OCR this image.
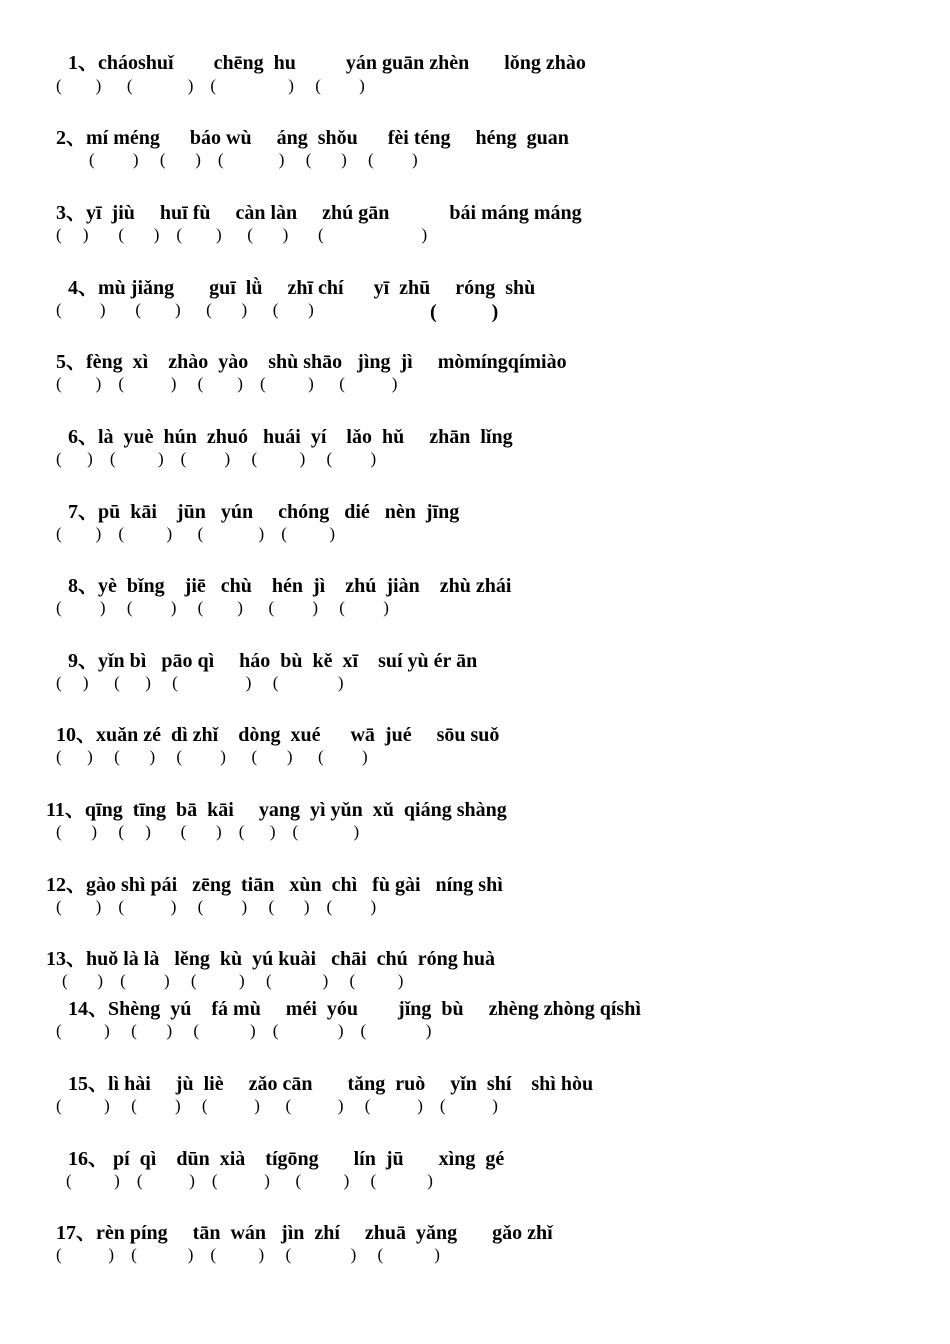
1、cháoshuǐ        chēng  hu          yán guān zhèn       lǒng zhào
(        )      (             )    (                 )     (         )
2、mí méng      báo wù     áng  shǒu      fèi téng     héng  guan
(         )     (       )    (             )     (       )     (         )
3、yī  jiù     huī fù     càn làn     zhú gān            bái máng máng
(     )       (       )    (        )      (       )       (                       )
4、mù jiǎng       guī  lǜ     zhī chí      yī  zhū     róng  shù
(         )       (        )      (       )      (       )	(           )
5、fèng  xì    zhào  yào    shù shāo   jìng  jì     mòmíngqímiào
(        )    (           )     (        )    (          )      (           )
6、là  yuè  hún  zhuó   huái  yí    lǎo  hǔ     zhān  lǐng
(      )    (          )    (         )     (          )     (         )
7、pū  kāi    jūn   yún     chóng   dié   nèn  jīng
(        )    (          )      (             )    (          )
8、yè  bǐng    jiē   chù    hén  jì    zhú  jiàn    zhù zhái
(         )     (         )     (        )      (         )     (         )
9、yǐn bì   pāo qì     háo  bù  kě  xī    suí yù ér ān
(     )      (      )     (                )     (              )
10、xuǎn zé  dì zhǐ    dòng  xué      wā  jué     sōu suǒ
(      )     (       )     (         )      (       )      (         )
11、qīng  tīng  bā  kāi     yang  yì yǔn  xǔ  qiáng shàng
(       )     (     )       (       )    (      )    (             )
12、gào shì pái   zēng  tiān   xùn  chì   fù gài   níng shì
(        )    (           )     (         )     (       )    (         )
13、huǒ là là   lěng  kù  yú kuài   chāi  chú  róng huà
(       )    (         )     (          )     (            )     (          )
14、Shèng  yú    fá mù     méi  yóu        jǐng  bù     zhèng zhòng qíshì
(          )     (       )     (            )    (              )    (              )
15、lì hài     jù  liè     zǎo cān       tǎng  ruò     yǐn  shí    shì hòu
(          )     (         )     (           )      (           )     (           )    (           )
16、 pí  qì    dūn  xià    tígōng       lín  jū       xìng  gé
(          )    (           )    (           )      (          )     (            )
17、rèn píng     tān  wán   jìn  zhí     zhuā  yǎng       gǎo zhǐ
(           )    (            )    (          )     (              )     (            )
